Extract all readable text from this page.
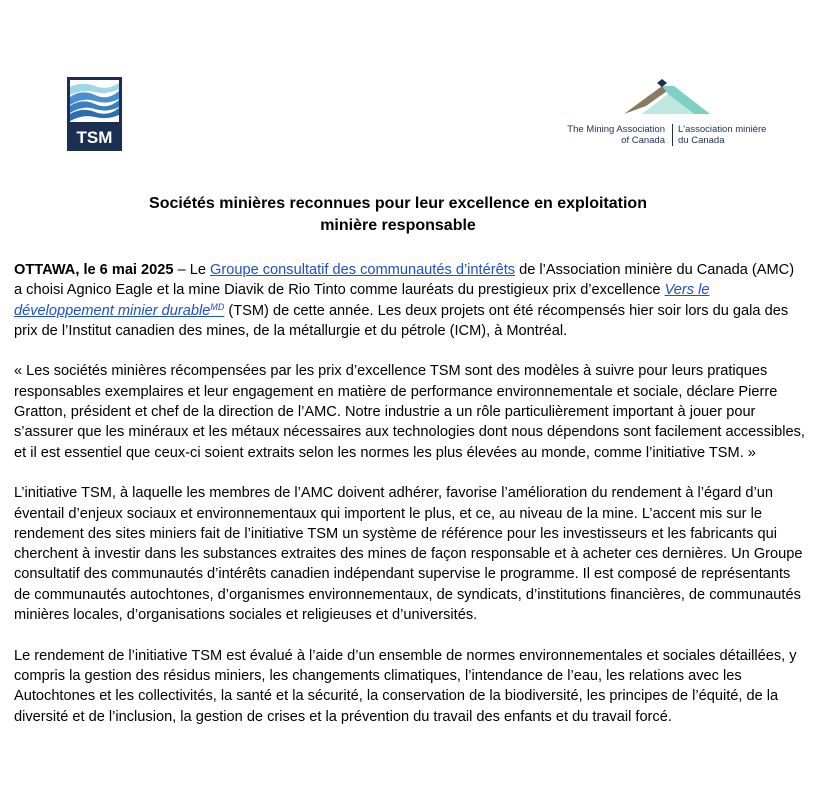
TSM	The Mining Association
of Canada
L'association minière
du Canada
Sociétés minières reconnues pour leur excellence en exploitation
minière responsable

OTTAWA, le 6 mai 2025 – Le Groupe consultatif des communautés d’intérêts de l’Association minière du Canada (AMC) a choisi Agnico Eagle et la mine Diavik de Rio Tinto comme lauréats du prestigieux prix d’excellence Vers le développement minier durable$^{MD}$ (TSM) de cette année. Les deux projets ont été récompensés hier soir lors du gala des prix de l’Institut canadien des mines, de la métallurgie et du pétrole (ICM), à Montréal.

« Les sociétés minières récompensées par les prix d’excellence TSM sont des modèles à suivre pour leurs pratiques responsables exemplaires et leur engagement en matière de performance environnementale et sociale, déclare Pierre Gratton, président et chef de la direction de l’AMC. Notre industrie a un rôle particulièrement important à jouer pour s’assurer que les minéraux et les métaux nécessaires aux technologies dont nous dépendons sont facilement accessibles, et il est essentiel que ceux-ci soient extraits selon les normes les plus élevées au monde, comme l’initiative TSM. »

L’initiative TSM, à laquelle les membres de l’AMC doivent adhérer, favorise l’amélioration du rendement à l’égard d’un éventail d’enjeux sociaux et environnementaux qui importent le plus, et ce, au niveau de la mine. L’accent mis sur le rendement des sites miniers fait de l’initiative TSM un système de référence pour les investisseurs et les fabricants qui cherchent à investir dans les substances extraites des mines de façon responsable et à acheter ces dernières. Un Groupe consultatif des communautés d’intérêts canadien indépendant supervise le programme. Il est composé de représentants de communautés autochtones, d’organismes environnementaux, de syndicats, d’institutions financières, de communautés minières locales, d’organisations sociales et religieuses et d’universités.

Le rendement de l’initiative TSM est évalué à l’aide d’un ensemble de normes environnementales et sociales détaillées, y compris la gestion des résidus miniers, les changements climatiques, l’intendance de l’eau, les relations avec les Autochtones et les collectivités, la santé et la sécurité, la conservation de la biodiversité, les principes de l’équité, de la diversité et de l’inclusion, la gestion de crises et la prévention du travail des enfants et du travail forcé.
